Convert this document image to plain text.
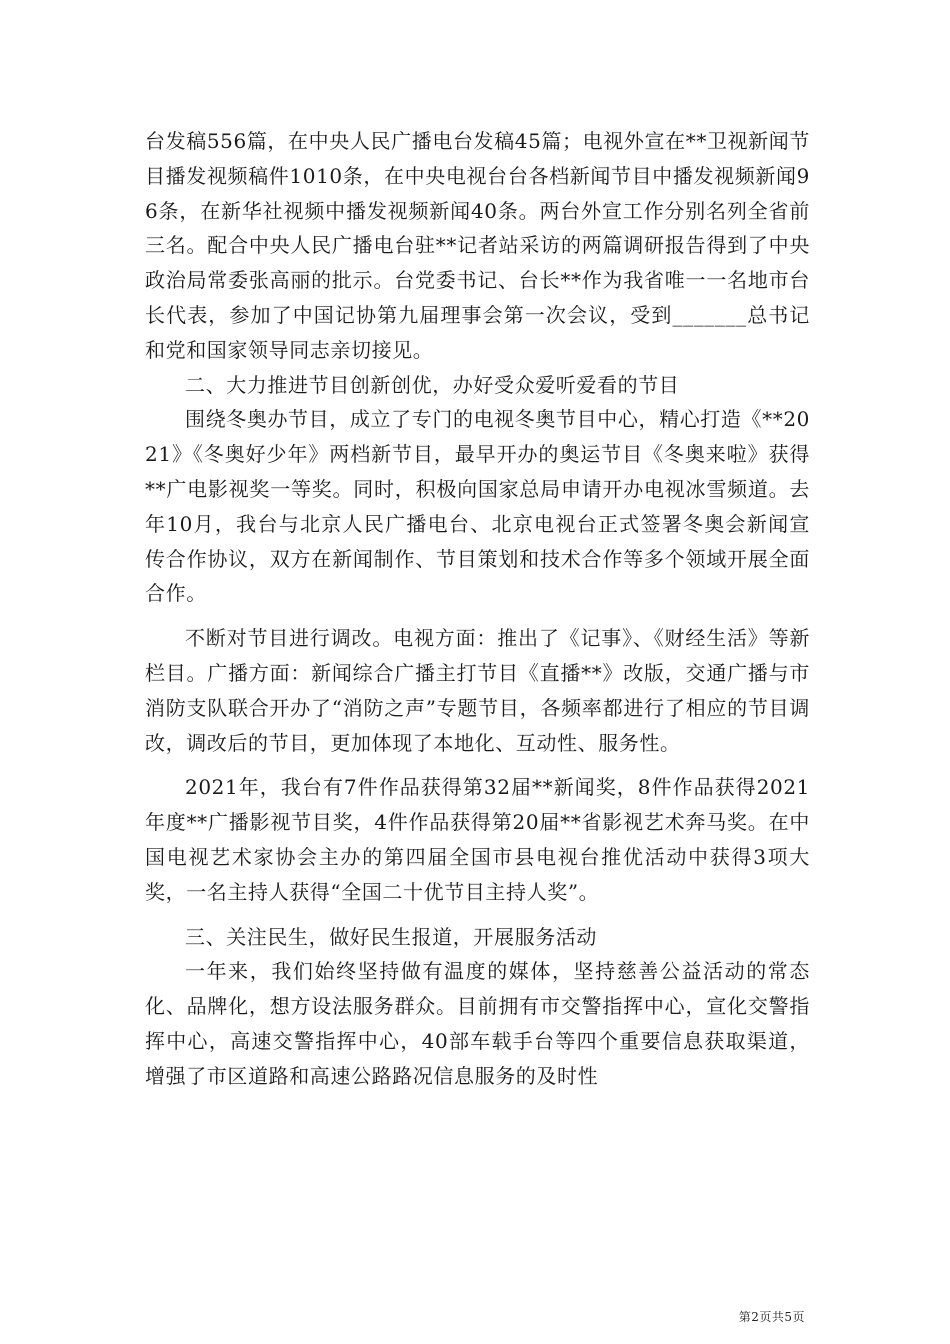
台发稿556篇，在中央人民广播电台发稿45篇；电视外宣在**卫视新闻节目播发视频稿件1010条，在中央电视台台各档新闻节目中播发视频新闻96条，在新华社视频中播发视频新闻40条。两台外宣工作分别名列全省前三名。配合中央人民广播电台驻**记者站采访的两篇调研报告得到了中央政治局常委张高丽的批示。台党委书记、台长**作为我省唯一一名地市台长代表，参加了中国记协第九届理事会第一次会议，受到_______总书记和党和国家领导同志亲切接见。

二、大力推进节目创新创优，办好受众爱听爱看的节目

围绕冬奥办节目，成立了专门的电视冬奥节目中心，精心打造《**2021》《冬奥好少年》两档新节目，最早开办的奥运节目《冬奥来啦》获得**广电影视奖一等奖。同时，积极向国家总局申请开办电视冰雪频道。去年10月，我台与北京人民广播电台、北京电视台正式签署冬奥会新闻宣传合作协议，双方在新闻制作、节目策划和技术合作等多个领域开展全面合作。

不断对节目进行调改。电视方面：推出了《记事》、《财经生活》等新栏目。广播方面：新闻综合广播主打节目《直播**》改版，交通广播与市消防支队联合开办了“消防之声”专题节目，各频率都进行了相应的节目调改，调改后的节目，更加体现了本地化、互动性、服务性。

2021年，我台有7件作品获得第32届**新闻奖，8件作品获得2021年度**广播影视节目奖，4件作品获得第20届**省影视艺术奔马奖。在中国电视艺术家协会主办的第四届全国市县电视台推优活动中获得3项大奖，一名主持人获得“全国二十优节目主持人奖”。

三、关注民生，做好民生报道，开展服务活动

一年来，我们始终坚持做有温度的媒体，坚持慈善公益活动的常态化、品牌化，想方设法服务群众。目前拥有市交警指挥中心，宣化交警指挥中心，高速交警指挥中心，40部车载手台等四个重要信息获取渠道，增强了市区道路和高速公路路况信息服务的及时性

第2页共5页
